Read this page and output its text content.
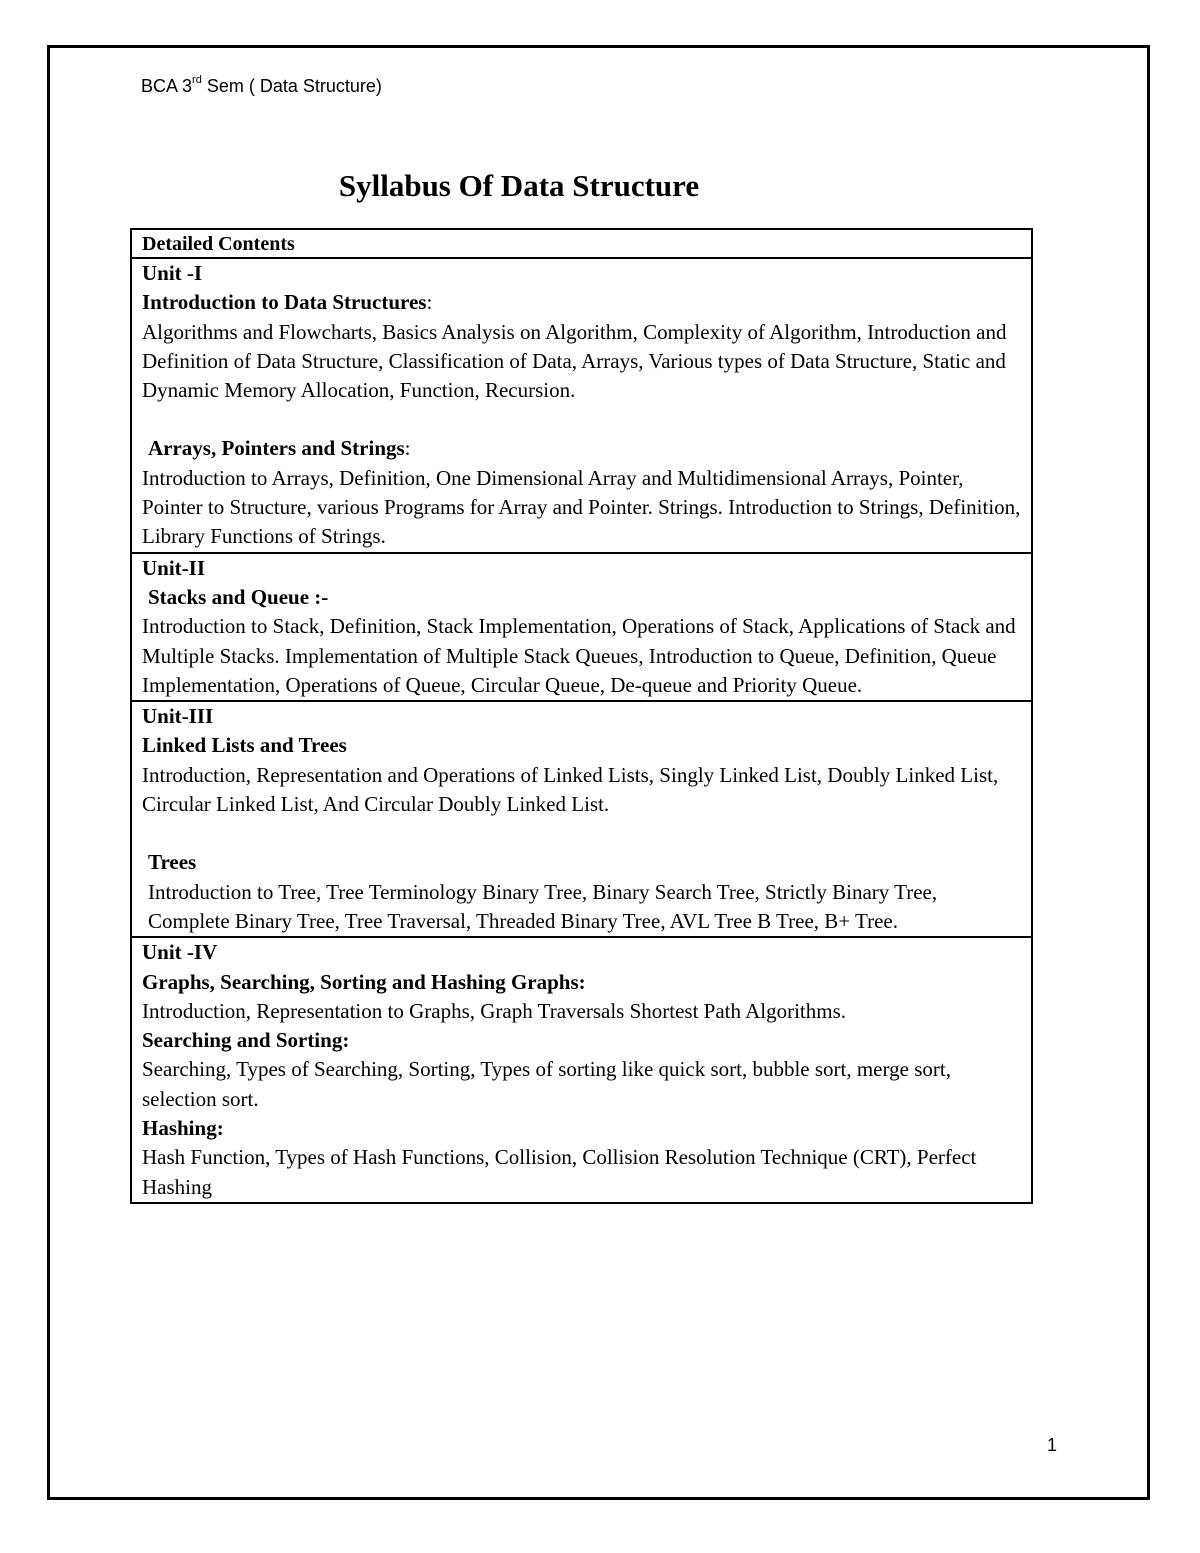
BCA 3rd Sem ( Data Structure)
Syllabus Of Data Structure
Detailed Contents
Unit -I
Introduction to Data Structures:
Algorithms and Flowcharts, Basics Analysis on Algorithm, Complexity of Algorithm, Introduction and Definition of Data Structure, Classification of Data, Arrays, Various types of Data Structure, Static and Dynamic Memory Allocation, Function, Recursion.
Arrays, Pointers and Strings:
Introduction to Arrays, Definition, One Dimensional Array and Multidimensional Arrays, Pointer, Pointer to Structure, various Programs for Array and Pointer. Strings. Introduction to Strings, Definition, Library Functions of Strings.
Unit-II
Stacks and Queue :-
Introduction to Stack, Definition, Stack Implementation, Operations of Stack, Applications of Stack and Multiple Stacks. Implementation of Multiple Stack Queues, Introduction to Queue, Definition, Queue Implementation, Operations of Queue, Circular Queue, De-queue and Priority Queue.
Unit-III
Linked Lists and Trees
Introduction, Representation and Operations of Linked Lists, Singly Linked List, Doubly Linked List, Circular Linked List, And Circular Doubly Linked List.
Trees
Introduction to Tree, Tree Terminology Binary Tree, Binary Search Tree, Strictly Binary Tree, Complete Binary Tree, Tree Traversal, Threaded Binary Tree, AVL Tree B Tree, B+ Tree.
Unit -IV
Graphs, Searching, Sorting and Hashing Graphs:
Introduction, Representation to Graphs, Graph Traversals Shortest Path Algorithms.
Searching and Sorting:
Searching, Types of Searching, Sorting, Types of sorting like quick sort, bubble sort, merge sort, selection sort.
Hashing:
Hash Function, Types of Hash Functions, Collision, Collision Resolution Technique (CRT), Perfect Hashing
1
